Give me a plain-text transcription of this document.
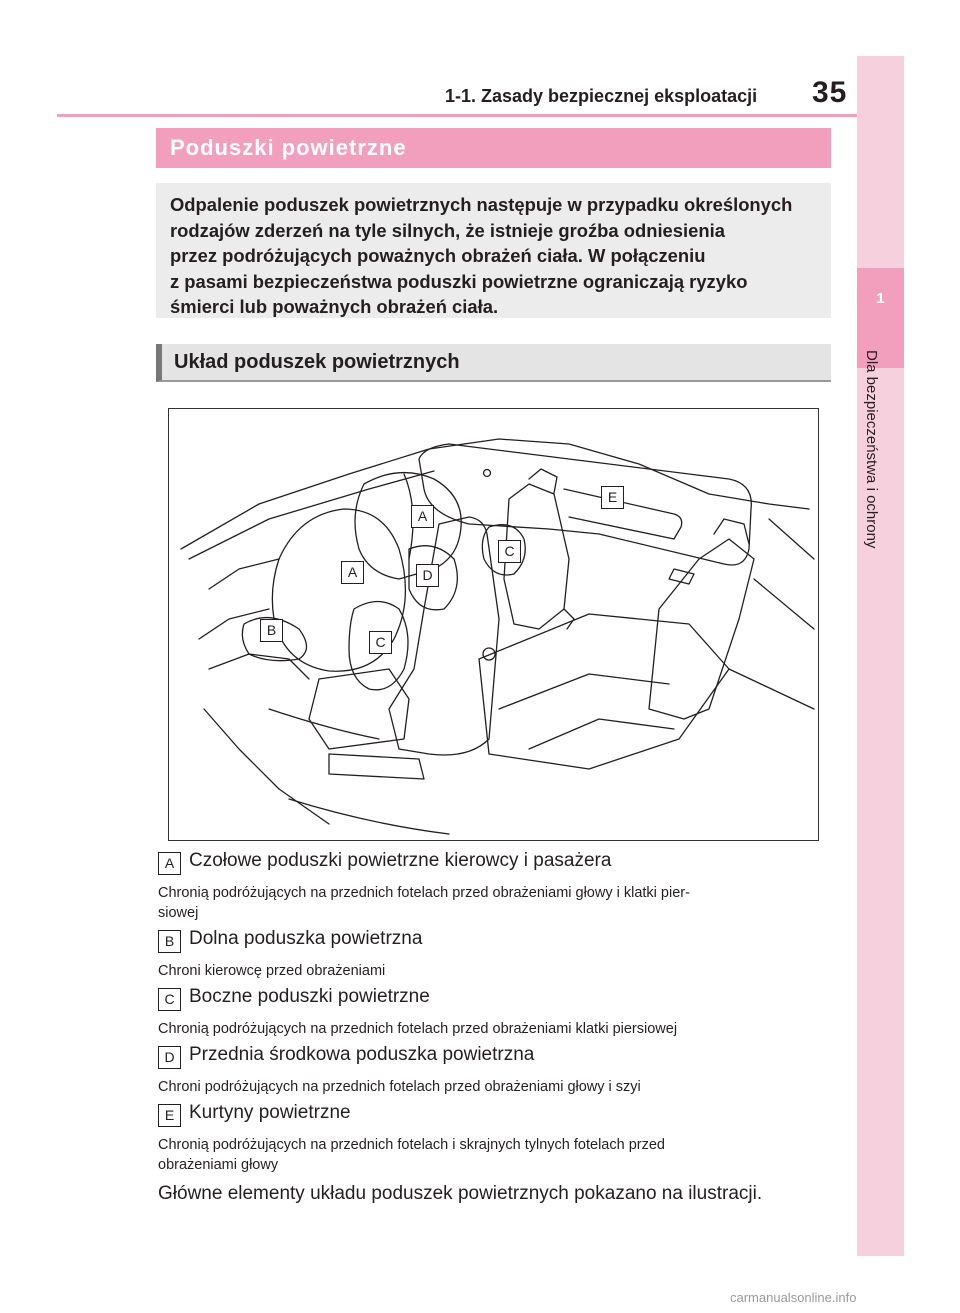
1
Dla bezpieczeństwa i ochrony
1-1. Zasady bezpiecznej eksploatacji 35
Poduszki powietrzne

Odpalenie poduszek powietrznych następuje w przypadku określonych

rodzajów zderzeń na tyle silnych, że istnieje groźba odniesienia

przez podróżujących poważnych obrażeń ciała. W połączeniu

z pasami bezpieczeństwa poduszki powietrzne ograniczają ryzyko

śmierci lub poważnych obrażeń ciała.

Układ poduszek powietrznych
A
A
B
C
C
D
E
A Czołowe poduszki powietrzne kierowcy i pasażera
Chronią podróżujących na przednich fotelach przed obrażeniami głowy i klatki pier-
siowej
B Dolna poduszka powietrzna
Chroni kierowcę przed obrażeniami
C Boczne poduszki powietrzne
Chronią podróżujących na przednich fotelach przed obrażeniami klatki piersiowej
D Przednia środkowa poduszka powietrzna
Chroni podróżujących na przednich fotelach przed obrażeniami głowy i szyi
E Kurtyny powietrzne
Chronią podróżujących na przednich fotelach i skrajnych tylnych fotelach przed
obrażeniami głowy
Główne elementy układu poduszek powietrznych pokazano na ilustracji.
carmanualsonline.info
